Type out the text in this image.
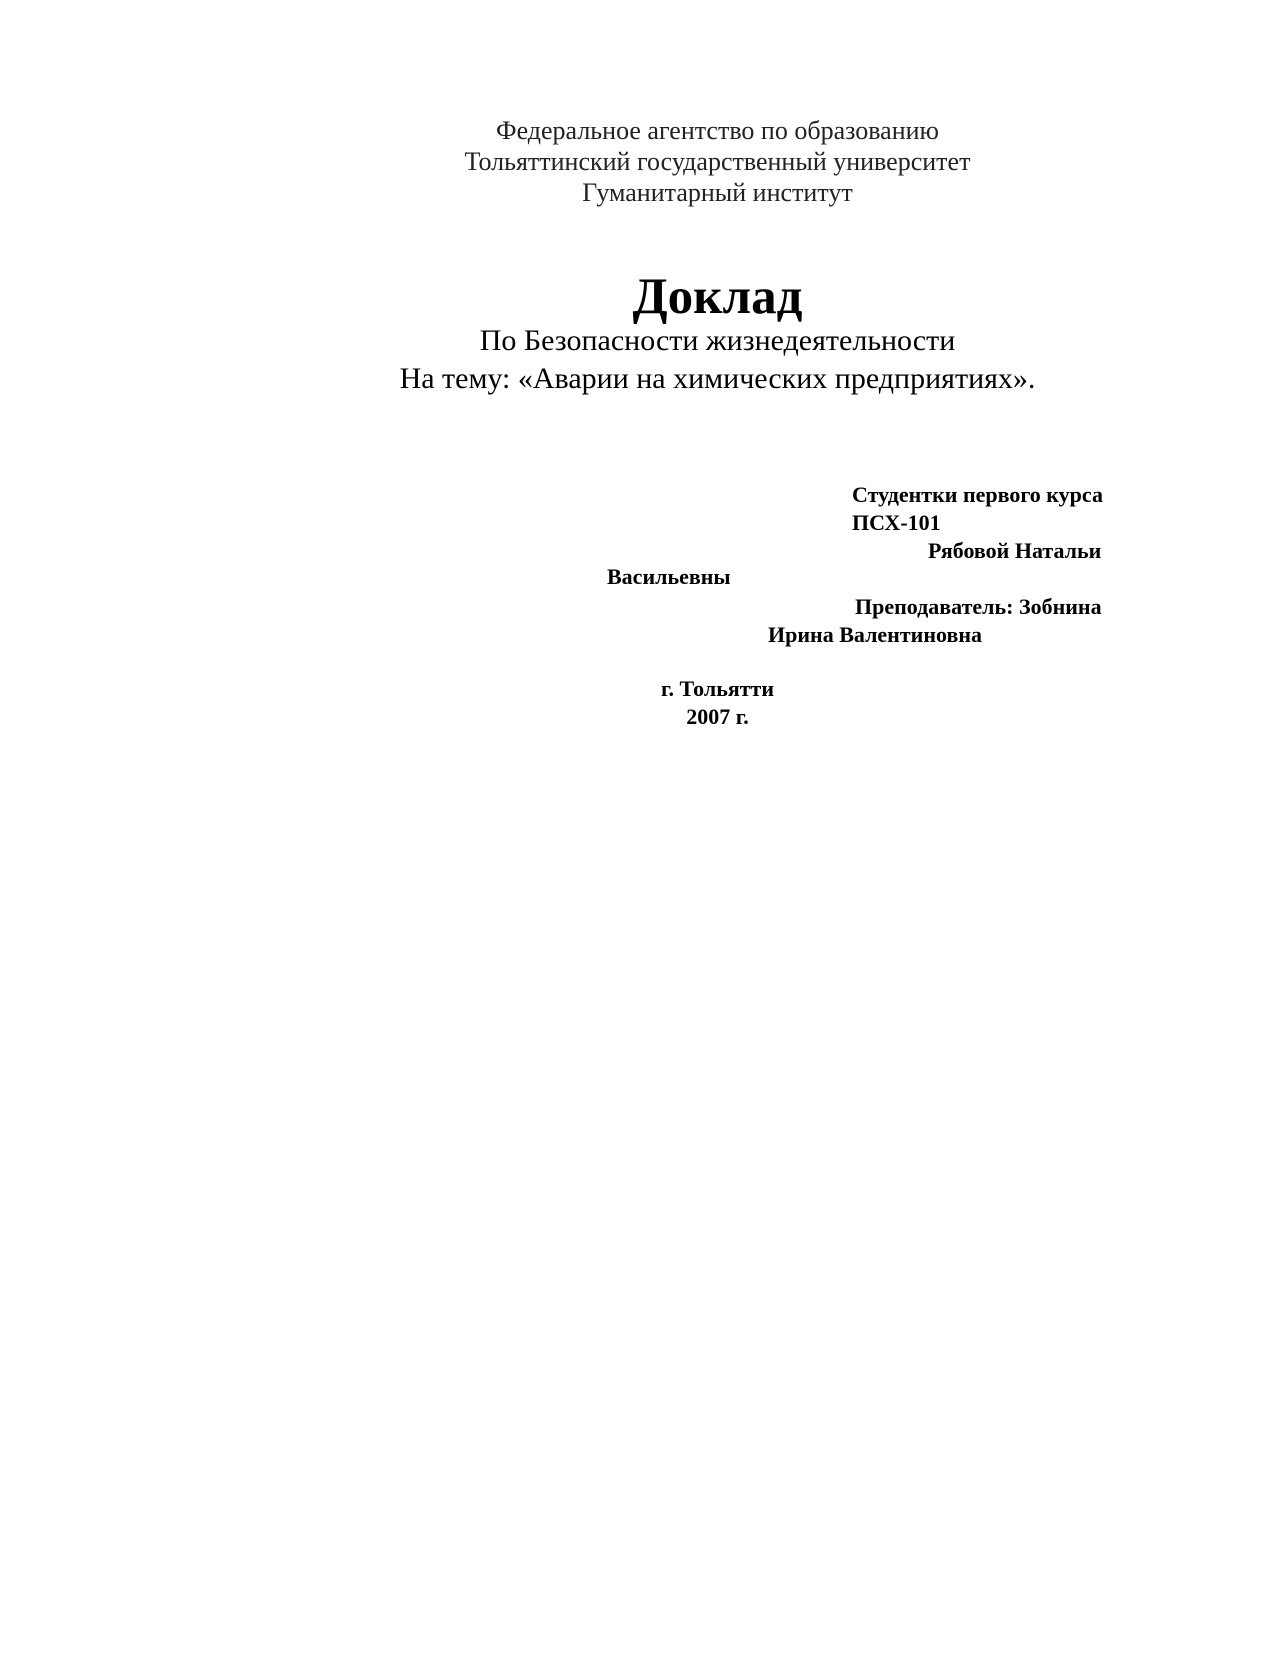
Федеральное агентство по образованию
Тольяттинский государственный университет
Гуманитарный институт
Доклад
По Безопасности жизнедеятельности
На тему: «Аварии на химических предприятиях».
Студентки первого курса
ПСХ-101
Рябовой Натальи
Васильевны
Преподаватель: Зобнина
Ирина Валентиновна
г. Тольятти
2007 г.
